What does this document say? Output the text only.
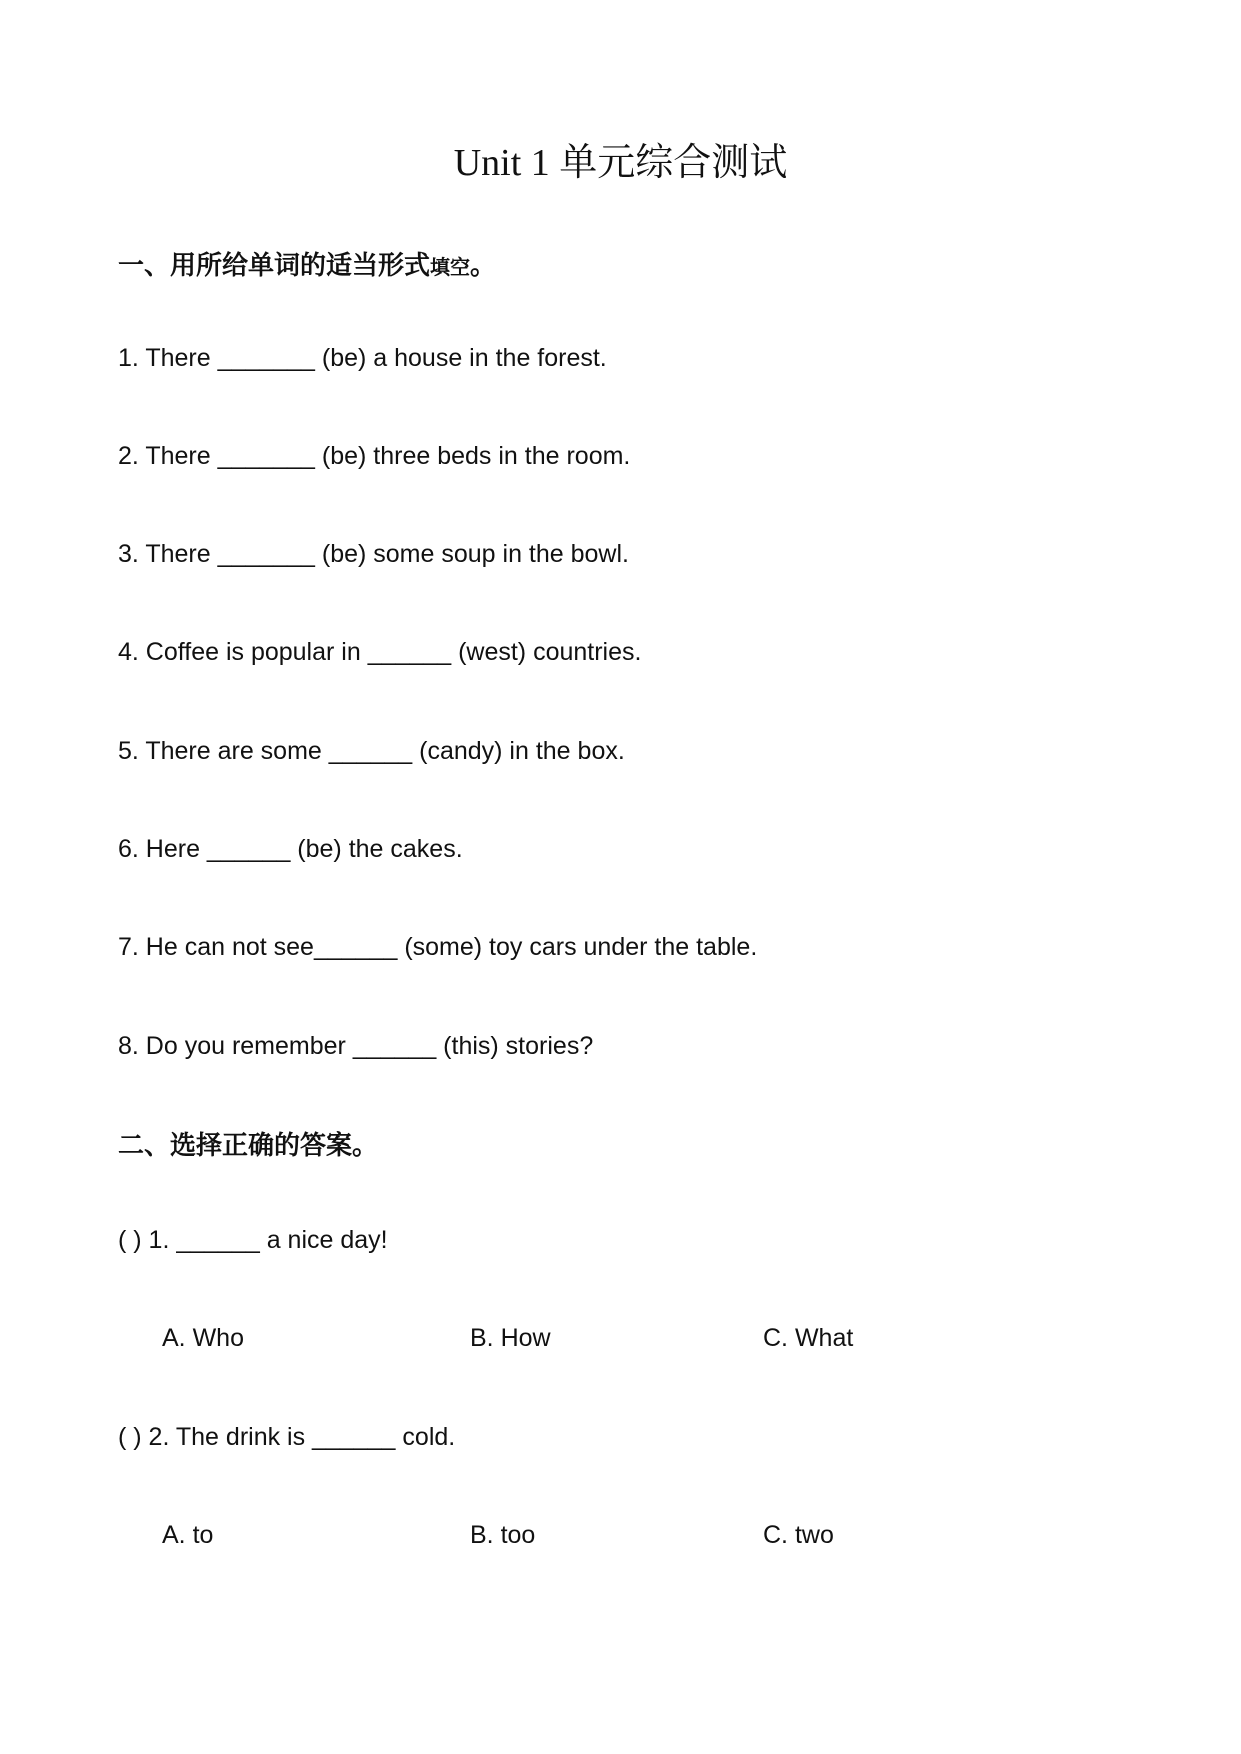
Unit 1 单元综合测试
一、用所给单词的适当形式填空。
1. There _______ (be) a house in the forest.
2. There _______ (be) three beds in the room.
3. There _______ (be) some soup in the bowl.
4. Coffee is popular in ______ (west) countries.
5. There are some ______ (candy) in the box.
6. Here ______ (be) the cakes.
7. He can not see______ (some) toy cars under the table.
8. Do you remember ______ (this) stories?
二、选择正确的答案。
( ) 1. ______ a nice day!
A. Who	B. How	C. What
( ) 2. The drink is ______ cold.
A. to	B. too	C. two
